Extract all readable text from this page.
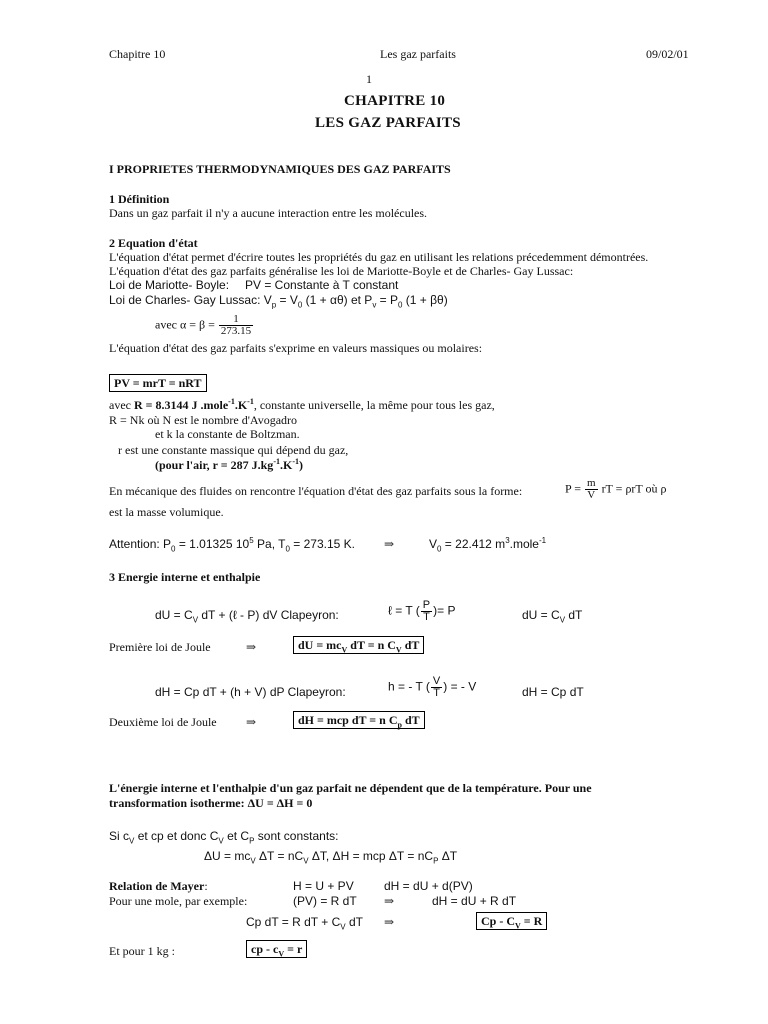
Chapitre 10	Les gaz parfaits	09/02/01
1
CHAPITRE 10
LES GAZ PARFAITS
I PROPRIETES THERMODYNAMIQUES DES GAZ PARFAITS
1 Définition
Dans un gaz parfait il n'y a aucune interaction entre les molécules.
2 Equation d'état
L'équation d'état permet d'écrire toutes les propriétés du gaz en utilisant les relations précedemment démontrées.
L'équation d'état des gaz parfaits généralise les loi de Mariotte-Boyle et de Charles- Gay Lussac:
Loi de Mariotte- Boyle: PV = Constante à T constant
Loi de Charles- Gay Lussac: $V_p = V_0$ (1 + αθ) et $P_v = P_0$ (1 + βθ)
avec $\alpha = \beta = \frac{1}{273.15}$
L'équation d'état des gaz parfaits s'exprime en valeurs massiques ou molaires:
PV = mrT = nRT
avec R = 8.3144 J $.mole^{-1}.K^{-1}$, constante universelle, la même pour tous les gaz,
R = Nk où N est le nombre d'Avogadro
et k la constante de Boltzman.
r est une constante massique qui dépend du gaz,
(pour l'air, r = 287 $J.kg^{-1}.K^{-1}$)
En mécanique des fluides on rencontre l'équation d'état des gaz parfaits sous la forme:	$P = \frac{m}{V}$ rT = ρrT où ρ
est la masse volumique.
Attention: $P_0 = 1.01325$ $10^5$ Pa, $T_0 = 273.15$ K. ⇒	$V_0 = 22.412$ $m^3.mole^{-1}$
3 Energie interne et enthalpie
dU = $C_V$ dT + (ℓ - P) dV Clapeyron:	ℓ = T ( $\frac{P}{T}$ )= P	dU = $C_V$ dT
Première loi de Joule	⇒	dU = $mc_V$ dT = n $C_V$ dT
dH = Cp dT + (h + V) dP Clapeyron:	h = - T ( $\frac{V}{T}$ ) = - V	dH = Cp dT
Deuxième loi de Joule ⇒	dH = mcp dT = n $C_p$ dT
L'énergie interne et l'enthalpie d'un gaz parfait ne dépendent que de la température. Pour une
transformation isotherme: ΔU = ΔH = 0
Si $c_V$ et cp et donc $C_V$ et $C_P$ sont constants:
$\Delta U = mc_V$ $\Delta T = nC_V$ ΔT, ΔH = mcp $\Delta T = nC_P$ ΔT
Relation de Mayer:	H = U + PV	dH = dU + d(PV)
Pour une mole, par exemple:	(PV) = R dT ⇒	dH = dU + R dT
Cp dT = R dT + $C_V$ dT ⇒	$Cp - C_V = R$
Et pour 1 kg :	cp - $c_V = r$
